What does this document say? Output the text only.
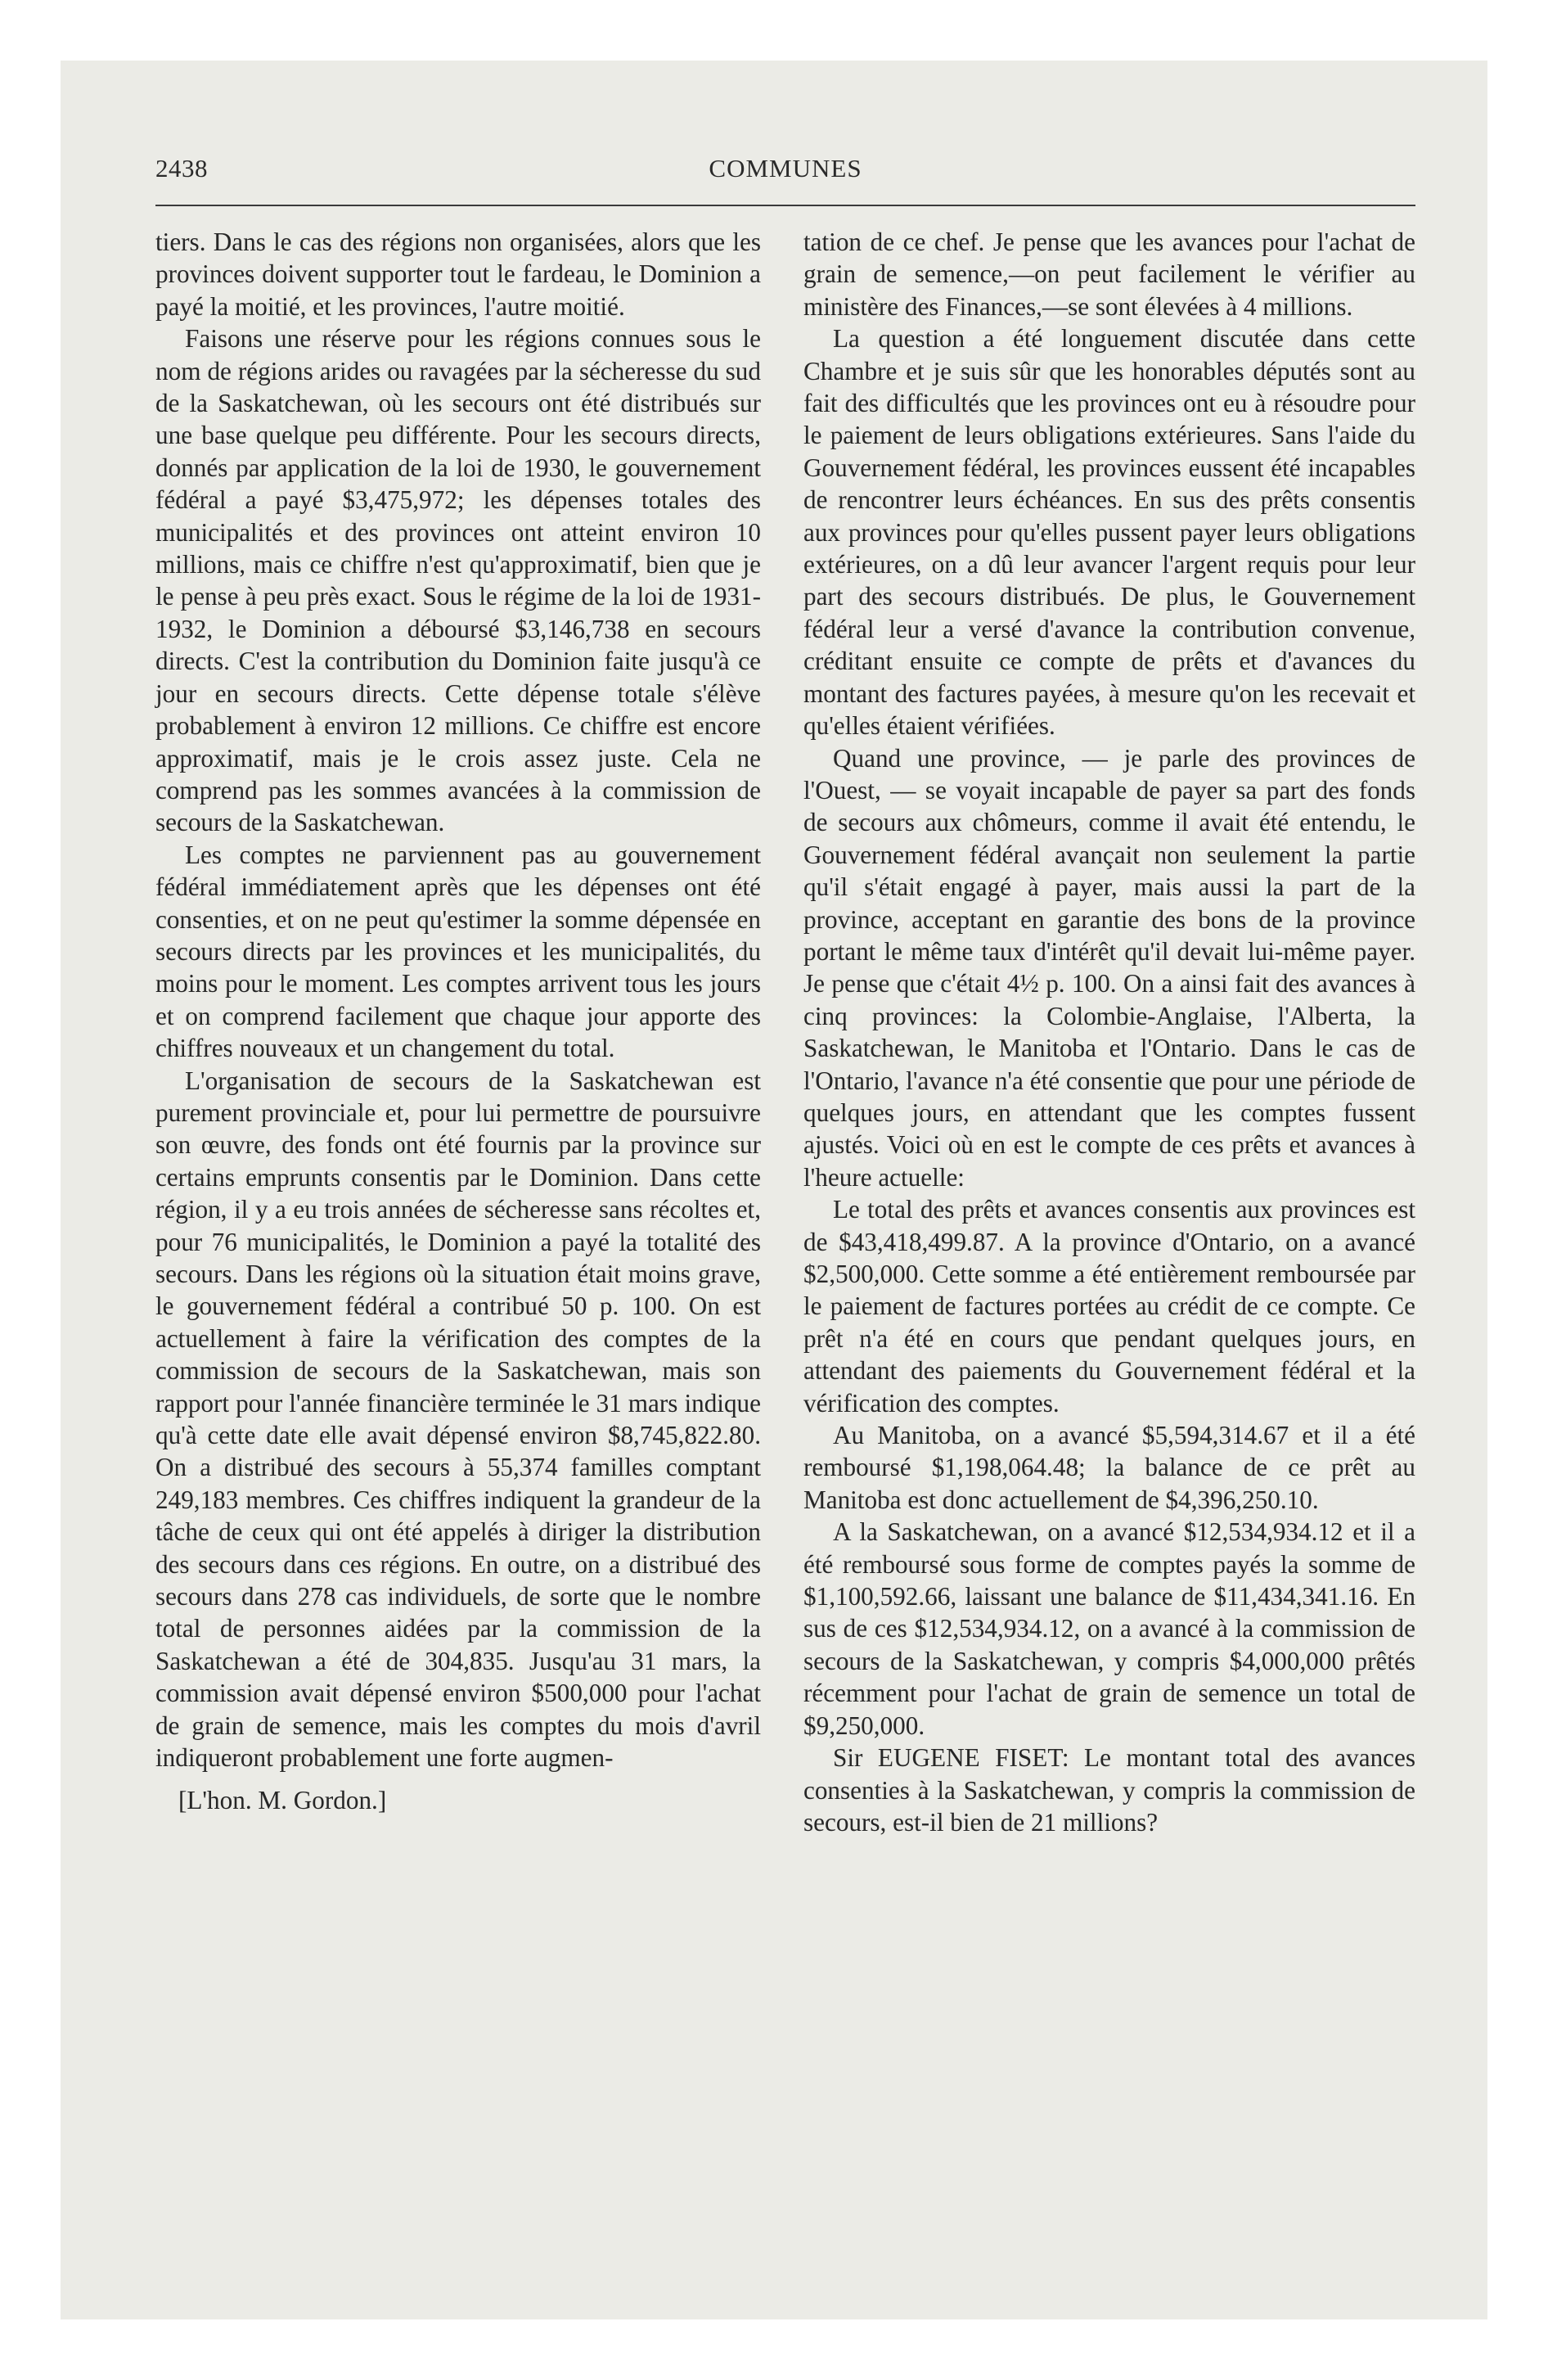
2438	COMMUNES

tiers. Dans le cas des régions non organisées, alors que les provinces doivent supporter tout le fardeau, le Dominion a payé la moitié, et les provinces, l'autre moitié.

Faisons une réserve pour les régions connues sous le nom de régions arides ou ravagées par la sécheresse du sud de la Saskatchewan, où les secours ont été distribués sur une base quelque peu différente. Pour les secours directs, donnés par application de la loi de 1930, le gouvernement fédéral a payé $3,475,972; les dépenses totales des municipalités et des provinces ont atteint environ 10 millions, mais ce chiffre n'est qu'approximatif, bien que je le pense à peu près exact. Sous le régime de la loi de 1931-1932, le Dominion a déboursé $3,146,738 en secours directs. C'est la contribution du Dominion faite jusqu'à ce jour en secours directs. Cette dépense totale s'élève probablement à environ 12 millions. Ce chiffre est encore approximatif, mais je le crois assez juste. Cela ne comprend pas les sommes avancées à la commission de secours de la Saskatchewan.

Les comptes ne parviennent pas au gouvernement fédéral immédiatement après que les dépenses ont été consenties, et on ne peut qu'estimer la somme dépensée en secours directs par les provinces et les municipalités, du moins pour le moment. Les comptes arrivent tous les jours et on comprend facilement que chaque jour apporte des chiffres nouveaux et un changement du total.

L'organisation de secours de la Saskatchewan est purement provinciale et, pour lui permettre de poursuivre son œuvre, des fonds ont été fournis par la province sur certains emprunts consentis par le Dominion. Dans cette région, il y a eu trois années de sécheresse sans récoltes et, pour 76 municipalités, le Dominion a payé la totalité des secours. Dans les régions où la situation était moins grave, le gouvernement fédéral a contribué 50 p. 100. On est actuellement à faire la vérification des comptes de la commission de secours de la Saskatchewan, mais son rapport pour l'année financière terminée le 31 mars indique qu'à cette date elle avait dépensé environ $8,745,822.80. On a distribué des secours à 55,374 familles comptant 249,183 membres. Ces chiffres indiquent la grandeur de la tâche de ceux qui ont été appelés à diriger la distribution des secours dans ces régions. En outre, on a distribué des secours dans 278 cas individuels, de sorte que le nombre total de personnes aidées par la commission de la Saskatchewan a été de 304,835. Jusqu'au 31 mars, la commission avait dépensé environ $500,000 pour l'achat de grain de semence, mais les comptes du mois d'avril indiqueront probablement une forte augmen-

[L'hon. M. Gordon.]

tation de ce chef. Je pense que les avances pour l'achat de grain de semence,—on peut facilement le vérifier au ministère des Finances,—se sont élevées à 4 millions.

La question a été longuement discutée dans cette Chambre et je suis sûr que les honorables députés sont au fait des difficultés que les provinces ont eu à résoudre pour le paiement de leurs obligations extérieures. Sans l'aide du Gouvernement fédéral, les provinces eussent été incapables de rencontrer leurs échéances. En sus des prêts consentis aux provinces pour qu'elles pussent payer leurs obligations extérieures, on a dû leur avancer l'argent requis pour leur part des secours distribués. De plus, le Gouvernement fédéral leur a versé d'avance la contribution convenue, créditant ensuite ce compte de prêts et d'avances du montant des factures payées, à mesure qu'on les recevait et qu'elles étaient vérifiées.

Quand une province, — je parle des provinces de l'Ouest, — se voyait incapable de payer sa part des fonds de secours aux chômeurs, comme il avait été entendu, le Gouvernement fédéral avançait non seulement la partie qu'il s'était engagé à payer, mais aussi la part de la province, acceptant en garantie des bons de la province portant le même taux d'intérêt qu'il devait lui-même payer. Je pense que c'était 4½ p. 100. On a ainsi fait des avances à cinq provinces: la Colombie-Anglaise, l'Alberta, la Saskatchewan, le Manitoba et l'Ontario. Dans le cas de l'Ontario, l'avance n'a été consentie que pour une période de quelques jours, en attendant que les comptes fussent ajustés. Voici où en est le compte de ces prêts et avances à l'heure actuelle:

Le total des prêts et avances consentis aux provinces est de $43,418,499.87. A la province d'Ontario, on a avancé $2,500,000. Cette somme a été entièrement remboursée par le paiement de factures portées au crédit de ce compte. Ce prêt n'a été en cours que pendant quelques jours, en attendant des paiements du Gouvernement fédéral et la vérification des comptes.

Au Manitoba, on a avancé $5,594,314.67 et il a été remboursé $1,198,064.48; la balance de ce prêt au Manitoba est donc actuellement de $4,396,250.10.

A la Saskatchewan, on a avancé $12,534,934.12 et il a été remboursé sous forme de comptes payés la somme de $1,100,592.66, laissant une balance de $11,434,341.16. En sus de ces $12,534,934.12, on a avancé à la commission de secours de la Saskatchewan, y compris $4,000,000 prêtés récemment pour l'achat de grain de semence un total de $9,250,000.

Sir EUGENE FISET: Le montant total des avances consenties à la Saskatchewan, y compris la commission de secours, est-il bien de 21 millions?
